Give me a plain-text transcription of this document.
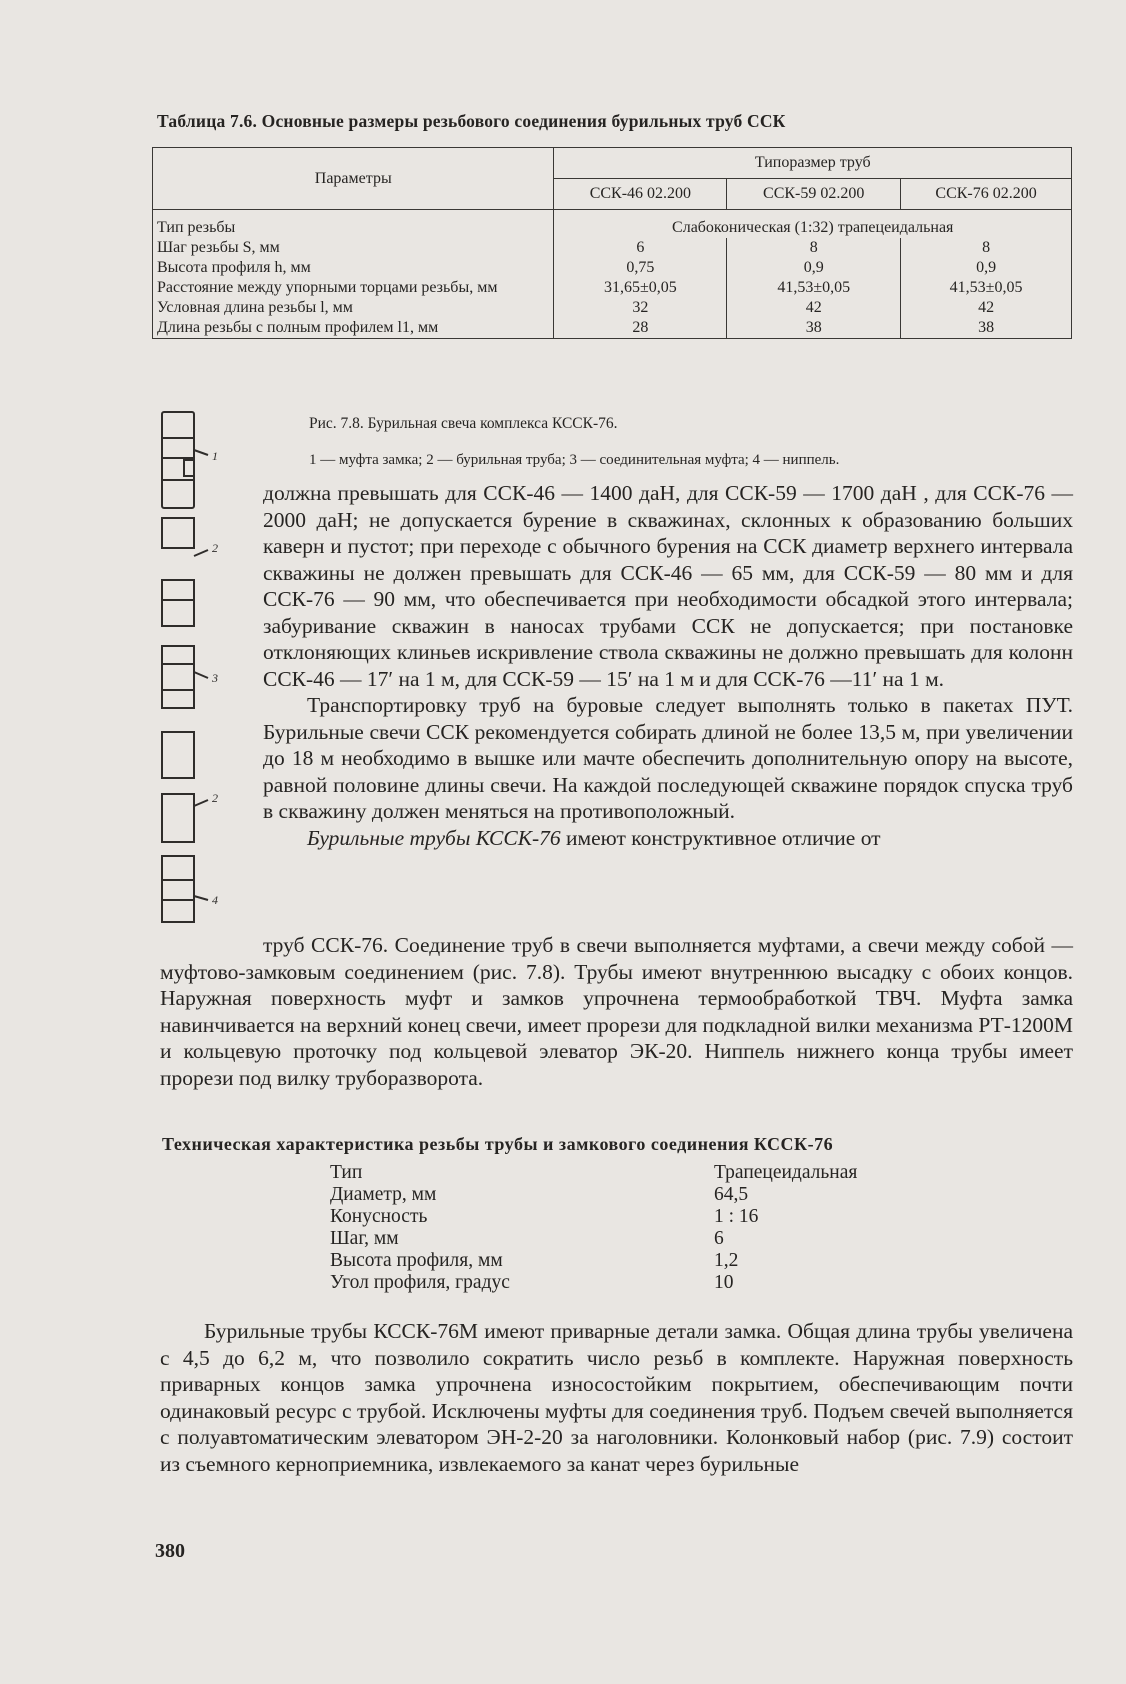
Таблица 7.6. Основные размеры резьбового соединения бурильных труб ССК
Параметры	Типоразмер труб		
	ССК-46 02.200	ССК-59 02.200	ССК-76 02.200
Тип резьбы	Слабоконическая (1:32) трапецеидальная		
Шаг резьбы S, мм	6	8	8
Высота профиля h, мм	0,75	0,9	0,9
Расстояние между упорными торцами резьбы, мм	31,65±0,05	41,53±0,05	41,53±0,05
Условная длина резьбы l, мм	32	42	42
Длина резьбы с полным профилем l1, мм	28	38	38
1
2
3
2
4
Рис. 7.8. Бурильная свеча комплекса КССК-76.
1 — муфта замка; 2 — бурильная труба; 3 — соединительная муфта; 4 — ниппель.

должна превышать для ССК-46 — 1400 даН, для ССК-59 — 1700 даН , для ССК-76 — 2000 даН; не допускается бурение в скважинах, склонных к образованию больших каверн и пустот; при переходе с обычного бурения на ССК диаметр верхнего интервала скважины не должен превышать для ССК-46 — 65 мм, для ССК-59 — 80 мм и для ССК-76 — 90 мм, что обеспечивается при необходимости обсадкой этого интервала; забуривание скважин в наносах трубами ССК не допускается; при постановке отклоняющих клиньев искривление ствола скважины не должно превышать для колонн ССК-46 — 17′ на 1 м, для ССК-59 — 15′ на 1 м и для ССК-76 —11′ на 1 м.

Транспортировку труб на буровые следует выполнять только в пакетах ПУТ. Бурильные свечи ССК рекомендуется собирать длиной не более 13,5 м, при увеличении до 18 м необходимо в вышке или мачте обеспечить дополнительную опору на высоте, равной половине длины свечи. На каждой последующей скважине порядок спуска труб в скважину должен меняться на противоположный.

Бурильные трубы КССК-76 имеют конструктивное отличие от

труб ССК-76. Соединение труб в свечи выполняется муфтами, а свечи между собой — муфтово-замковым соединением (рис. 7.8). Трубы имеют внутреннюю высадку с обоих концов. Наружная поверхность муфт и замков упрочнена термообработкой ТВЧ. Муфта замка навинчивается на верхний конец свечи, имеет прорези для подкладной вилки механизма РТ-1200М и кольцевую проточку под кольцевой элеватор ЭК-20. Ниппель нижнего конца трубы имеет прорези под вилку труборазворота.

Техническая характеристика резьбы трубы и замкового соединения КССК-76
Тип	Трапецеидальная
Диаметр, мм	64,5
Конусность	1 : 16
Шаг, мм	6
Высота профиля, мм	1,2
Угол профиля, градус	10

Бурильные трубы КССК-76М имеют приварные детали замка. Общая длина трубы увеличена с 4,5 до 6,2 м, что позволило сократить число резьб в комплекте. Наружная поверхность приварных концов замка упрочнена износостойким покрытием, обеспечивающим почти одинаковый ресурс с трубой. Исключены муфты для соединения труб. Подъем свечей выполняется с полуавтоматическим элеватором ЭН-2-20 за наголовники. Колонковый набор (рис. 7.9) состоит из съемного керноприемника, извлекаемого за канат через бурильные

380
